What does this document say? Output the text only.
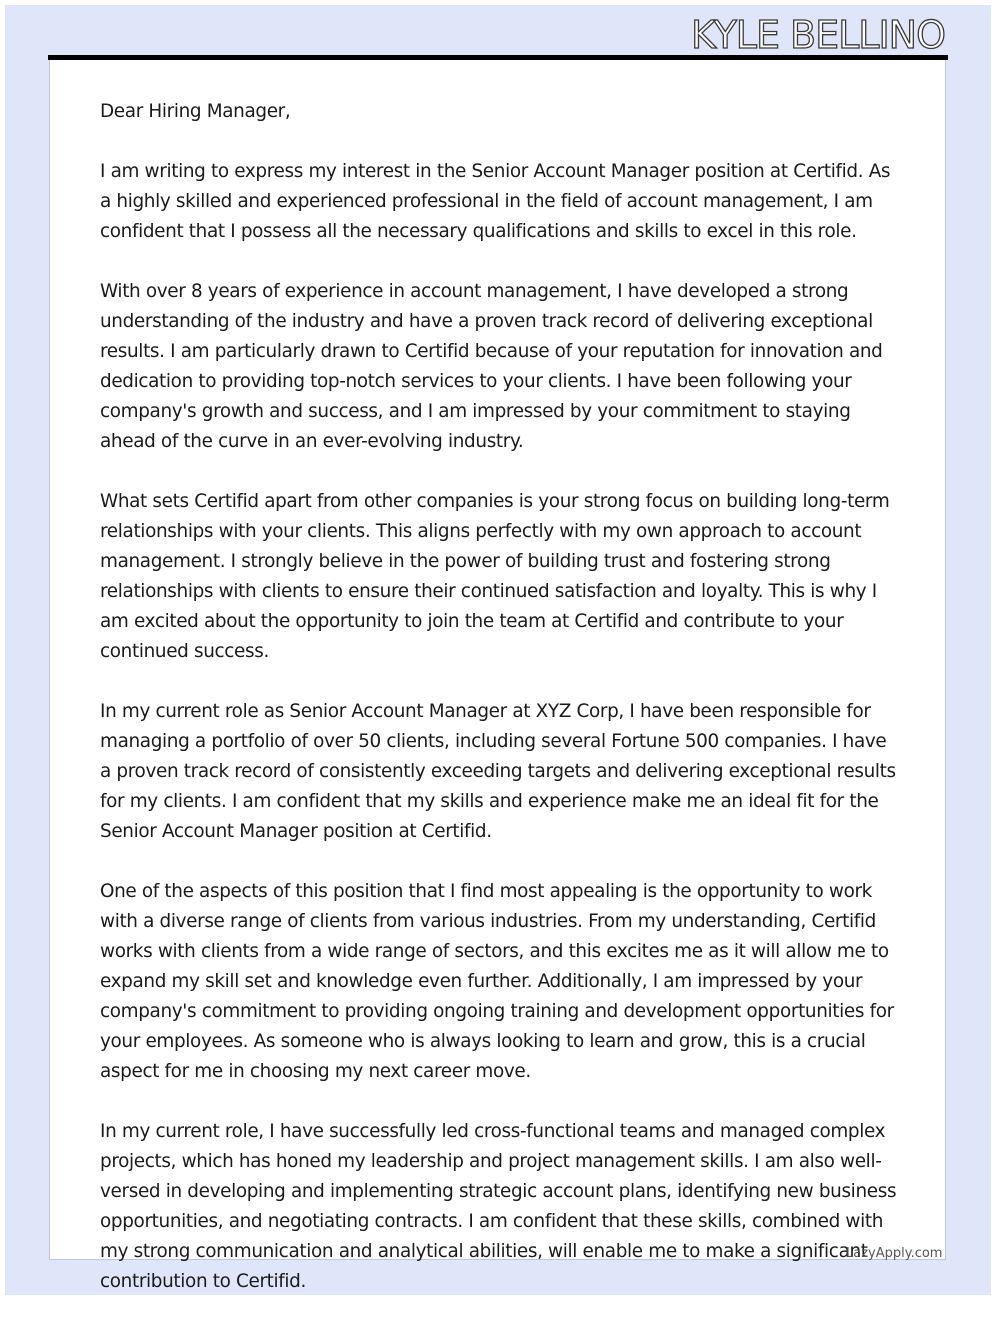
KYLE BELLINO

Dear Hiring Manager,

I am writing to express my interest in the Senior Account Manager position at Certifid. As a highly skilled and experienced professional in the field of account management, I am confident that I possess all the necessary qualifications and skills to excel in this role.

With over 8 years of experience in account management, I have developed a strong understanding of the industry and have a proven track record of delivering exceptional results. I am particularly drawn to Certifid because of your reputation for innovation and dedication to providing top-notch services to your clients. I have been following your company's growth and success, and I am impressed by your commitment to staying ahead of the curve in an ever-evolving industry.

What sets Certifid apart from other companies is your strong focus on building long-term relationships with your clients. This aligns perfectly with my own approach to account management. I strongly believe in the power of building trust and fostering strong relationships with clients to ensure their continued satisfaction and loyalty. This is why I am excited about the opportunity to join the team at Certifid and contribute to your continued success.

In my current role as Senior Account Manager at XYZ Corp, I have been responsible for managing a portfolio of over 50 clients, including several Fortune 500 companies. I have a proven track record of consistently exceeding targets and delivering exceptional results for my clients. I am confident that my skills and experience make me an ideal fit for the Senior Account Manager position at Certifid.

One of the aspects of this position that I find most appealing is the opportunity to work with a diverse range of clients from various industries. From my understanding, Certifid works with clients from a wide range of sectors, and this excites me as it will allow me to expand my skill set and knowledge even further. Additionally, I am impressed by your company's commitment to providing ongoing training and development opportunities for your employees. As someone who is always looking to learn and grow, this is a crucial aspect for me in choosing my next career move.

In my current role, I have successfully led cross-functional teams and managed complex projects, which has honed my leadership and project management skills. I am also well-versed in developing and implementing strategic account plans, identifying new business opportunities, and negotiating contracts. I am confident that these skills, combined with my strong communication and analytical abilities, will enable me to make a significant contribution to Certifid.

LazyApply.com
